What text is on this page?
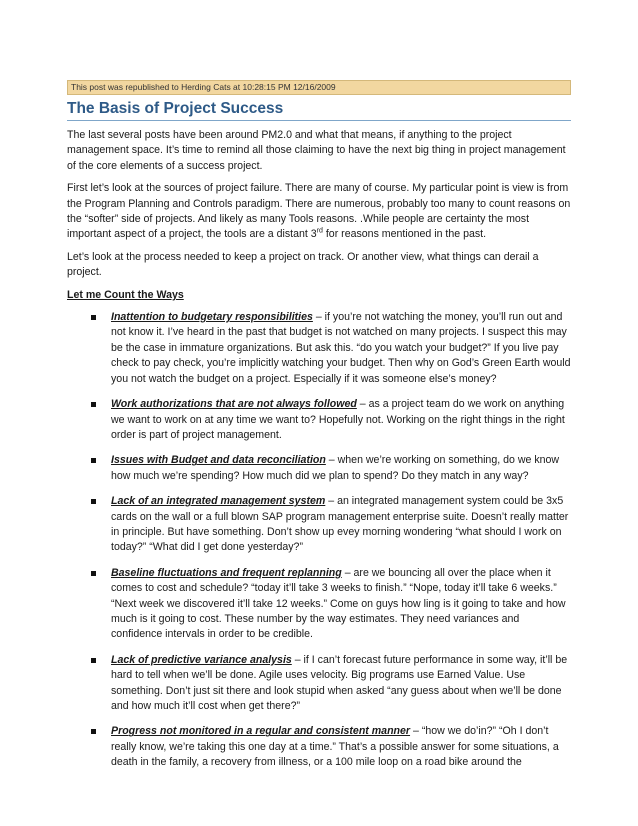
This post was republished to Herding Cats at 10:28:15 PM 12/16/2009
The Basis of Project Success

The last several posts have been around PM2.0 and what that means, if anything to the project management space. It’s time to remind all those claiming to have the next big thing in project management of the core elements of a success project.

First let’s look at the sources of project failure. There are many of course. My particular point is view is from the Program Planning and Controls paradigm. There are numerous, probably too many to count reasons on the “softer” side of projects. And likely as many Tools reasons. .While people are certainty the most important aspect of a project, the tools are a distant 3rd for reasons mentioned in the past.

Let’s look at the process needed to keep a project on track. Or another view, what things can derail a project.

Let me Count the Ways
Inattention to budgetary responsibilities – if you’re not watching the money, you’ll run out and not know it. I’ve heard in the past that budget is not watched on many projects. I suspect this may be the case in immature organizations. But ask this. “do you watch your budget?” If you live pay check to pay check, you’re implicitly watching your budget. Then why on God’s Green Earth would you not watch the budget on a project. Especially if it was someone else’s money?
Work authorizations that are not always followed – as a project team do we work on anything we want to work on at any time we want to? Hopefully not. Working on the right things in the right order is part of project management.
Issues with Budget and data reconciliation – when we’re working on something, do we know how much we’re spending? How much did we plan to spend? Do they match in any way?
Lack of an integrated management system – an integrated management system could be 3x5 cards on the wall or a full blown SAP program management enterprise suite. Doesn’t really matter in principle. But have something. Don’t show up evey morning wondering “what should I work on today?” “What did I get done yesterday?”
Baseline fluctuations and frequent replanning – are we bouncing all over the place when it comes to cost and schedule? “today it’ll take 3 weeks to finish.” “Nope, today it’ll take 6 weeks.” “Next week we discovered it’ll take 12 weeks.” Come on guys how ling is it going to take and how much is it going to cost. These number by the way estimates. They need variances and confidence intervals in order to be credible.
Lack of predictive variance analysis – if I can’t forecast future performance in some way, it’ll be hard to tell when we’ll be done. Agile uses velocity. Big programs use Earned Value. Use something. Don’t just sit there and look stupid when asked “any guess about when we’ll be done and how much it’ll cost when get there?”
Progress not monitored in a regular and consistent manner – “how we do’in?” “Oh I don’t really know, we’re taking this one day at a time.” That’s a possible answer for some situations, a death in the family, a recovery from illness, or a 100 mile loop on a road bike around the
